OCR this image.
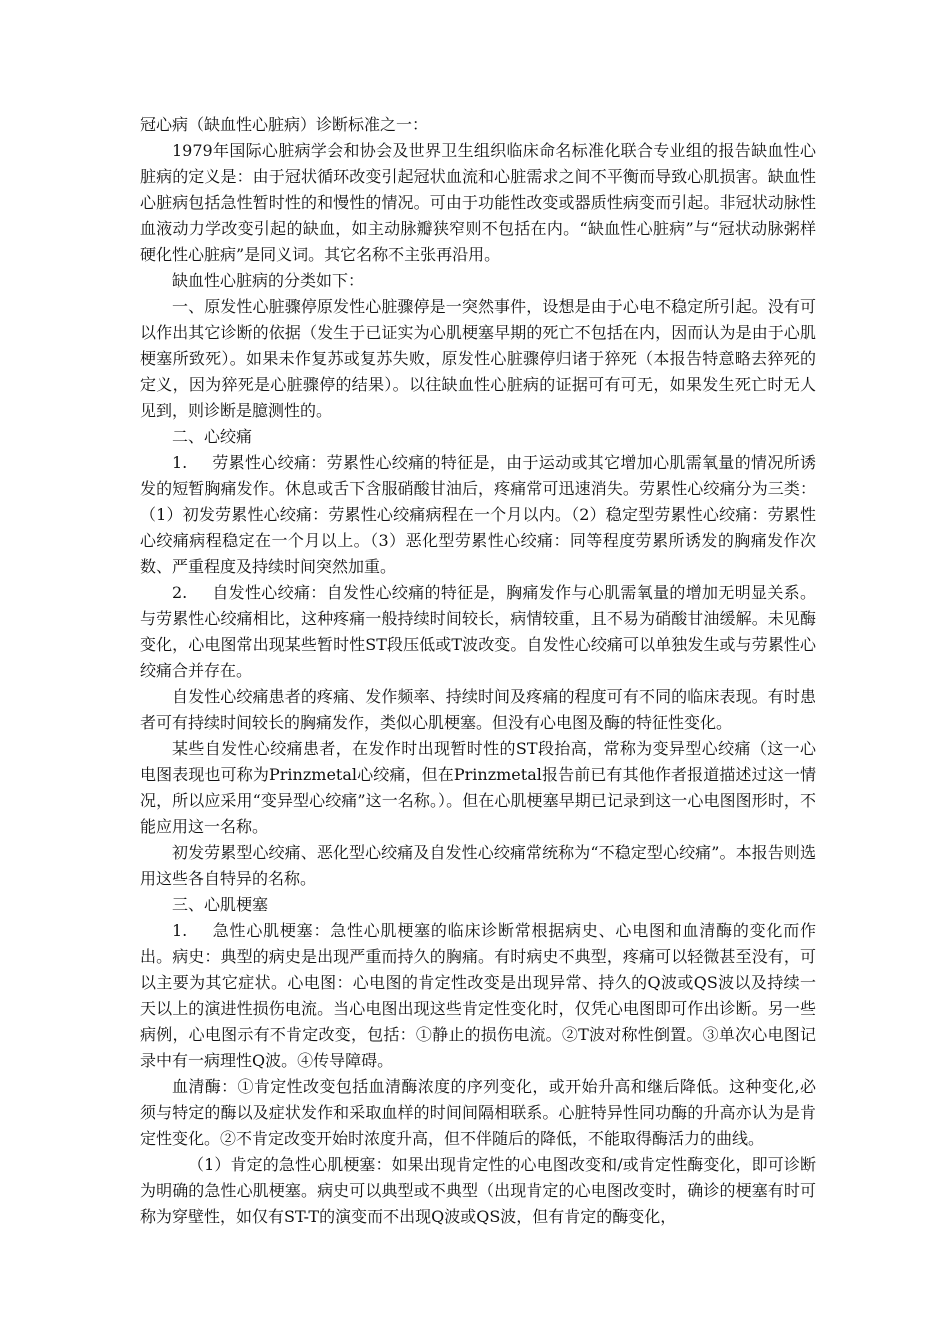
冠心病（缺血性心脏病）诊断标准之一：

1979年国际心脏病学会和协会及世界卫生组织临床命名标准化联合专业组的报告缺血性心脏病的定义是：由于冠状循环改变引起冠状血流和心脏需求之间不平衡而导致心肌损害。缺血性心脏病包括急性暂时性的和慢性的情况。可由于功能性改变或器质性病变而引起。非冠状动脉性血液动力学改变引起的缺血，如主动脉瓣狭窄则不包括在内。“缺血性心脏病”与“冠状动脉粥样硬化性心脏病”是同义词。其它名称不主张再沿用。

缺血性心脏病的分类如下：

一、原发性心脏骤停原发性心脏骤停是一突然事件，设想是由于心电不稳定所引起。没有可以作出其它诊断的依据（发生于已证实为心肌梗塞早期的死亡不包括在内，因而认为是由于心肌梗塞所致死）。如果未作复苏或复苏失败，原发性心脏骤停归诸于猝死（本报告特意略去猝死的定义，因为猝死是心脏骤停的结果）。以往缺血性心脏病的证据可有可无，如果发生死亡时无人见到，则诊断是臆测性的。

二、心绞痛

1. 劳累性心绞痛：劳累性心绞痛的特征是，由于运动或其它增加心肌需氧量的情况所诱发的短暂胸痛发作。休息或舌下含服硝酸甘油后，疼痛常可迅速消失。劳累性心绞痛分为三类：（1）初发劳累性心绞痛：劳累性心绞痛病程在一个月以内。（2）稳定型劳累性心绞痛：劳累性心绞痛病程稳定在一个月以上。（3）恶化型劳累性心绞痛：同等程度劳累所诱发的胸痛发作次数、严重程度及持续时间突然加重。

2. 自发性心绞痛：自发性心绞痛的特征是，胸痛发作与心肌需氧量的增加无明显关系。与劳累性心绞痛相比，这种疼痛一般持续时间较长，病情较重，且不易为硝酸甘油缓解。未见酶变化，心电图常出现某些暂时性ST段压低或T波改变。自发性心绞痛可以单独发生或与劳累性心绞痛合并存在。

自发性心绞痛患者的疼痛、发作频率、持续时间及疼痛的程度可有不同的临床表现。有时患者可有持续时间较长的胸痛发作，类似心肌梗塞。但没有心电图及酶的特征性变化。

某些自发性心绞痛患者，在发作时出现暂时性的ST段抬高，常称为变异型心绞痛（这一心电图表现也可称为Prinzmetal心绞痛，但在Prinzmetal报告前已有其他作者报道描述过这一情况，所以应采用“变异型心绞痛”这一名称。）。但在心肌梗塞早期已记录到这一心电图图形时，不能应用这一名称。

初发劳累型心绞痛、恶化型心绞痛及自发性心绞痛常统称为“不稳定型心绞痛”。本报告则选用这些各自特异的名称。

三、心肌梗塞

1. 急性心肌梗塞：急性心肌梗塞的临床诊断常根据病史、心电图和血清酶的变化而作出。病史：典型的病史是出现严重而持久的胸痛。有时病史不典型，疼痛可以轻微甚至没有，可以主要为其它症状。心电图：心电图的肯定性改变是出现异常、持久的Q波或QS波以及持续一天以上的演进性损伤电流。当心电图出现这些肯定性变化时，仅凭心电图即可作出诊断。另一些病例，心电图示有不肯定改变，包括：①静止的损伤电流。②T波对称性倒置。③单次心电图记录中有一病理性Q波。④传导障碍。

血清酶：①肯定性改变包括血清酶浓度的序列变化，或开始升高和继后降低。这种变化,必须与特定的酶以及症状发作和采取血样的时间间隔相联系。心脏特异性同功酶的升高亦认为是肯定性变化。②不肯定改变开始时浓度升高，但不伴随后的降低，不能取得酶活力的曲线。

（1）肯定的急性心肌梗塞：如果出现肯定性的心电图改变和/或肯定性酶变化，即可诊断为明确的急性心肌梗塞。病史可以典型或不典型（出现肯定的心电图改变时，确诊的梗塞有时可称为穿壁性，如仅有ST-T的演变而不出现Q波或QS波，但有肯定的酶变化，
